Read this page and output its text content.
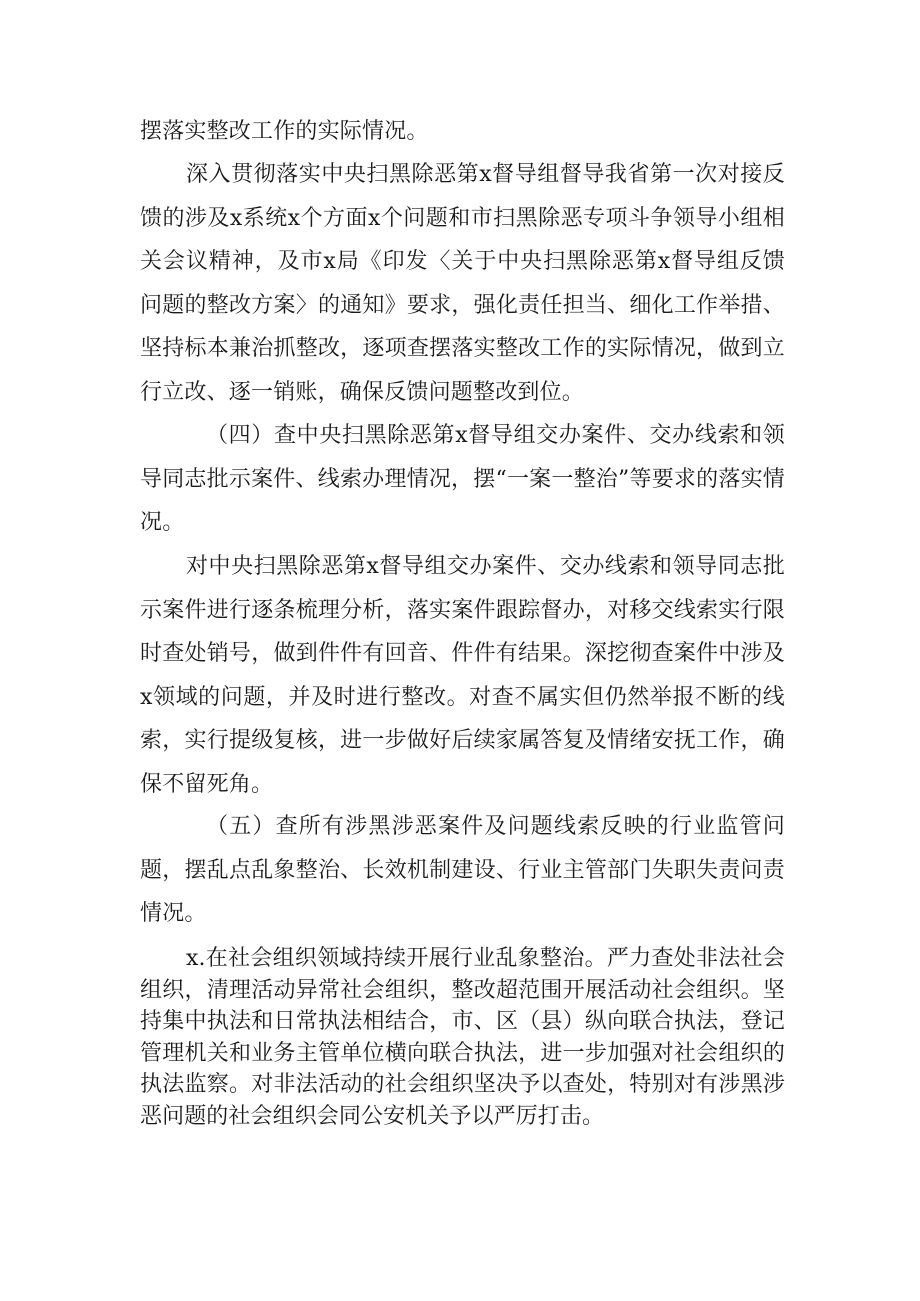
摆落实整改工作的实际情况。

深入贯彻落实中央扫黑除恶第x督导组督导我省第一次对接反馈的涉及x系统x个方面x个问题和市扫黑除恶专项斗争领导小组相关会议精神，及市x局《印发〈关于中央扫黑除恶第x督导组反馈问题的整改方案〉的通知》要求，强化责任担当、细化工作举措、坚持标本兼治抓整改，逐项查摆落实整改工作的实际情况，做到立行立改、逐一销账，确保反馈问题整改到位。

（四）查中央扫黑除恶第x督导组交办案件、交办线索和领导同志批示案件、线索办理情况，摆“一案一整治”等要求的落实情况。

对中央扫黑除恶第x督导组交办案件、交办线索和领导同志批示案件进行逐条梳理分析，落实案件跟踪督办，对移交线索实行限时查处销号，做到件件有回音、件件有结果。深挖彻查案件中涉及x领域的问题，并及时进行整改。对查不属实但仍然举报不断的线索，实行提级复核，进一步做好后续家属答复及情绪安抚工作，确保不留死角。

（五）查所有涉黑涉恶案件及问题线索反映的行业监管问题，摆乱点乱象整治、长效机制建设、行业主管部门失职失责问责情况。

x.在社会组织领域持续开展行业乱象整治。严力查处非法社会组织，清理活动异常社会组织，整改超范围开展活动社会组织。坚持集中执法和日常执法相结合，市、区（县）纵向联合执法，登记管理机关和业务主管单位横向联合执法，进一步加强对社会组织的执法监察。对非法活动的社会组织坚决予以查处，特别对有涉黑涉恶问题的社会组织会同公安机关予以严厉打击。
